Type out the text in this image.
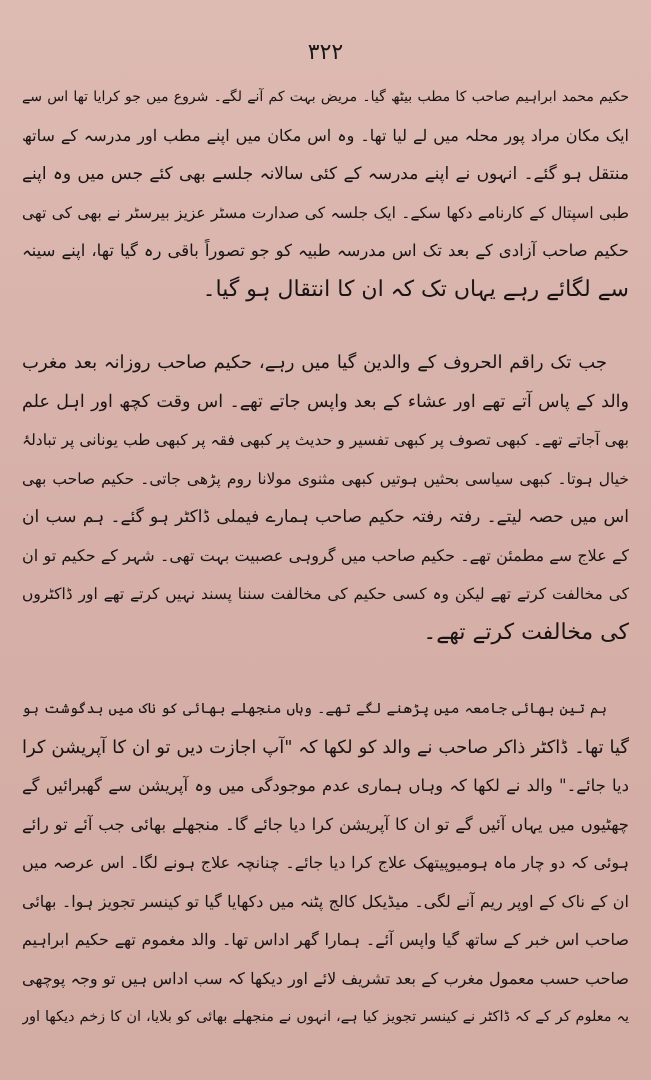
۳۲۲
حکیم محمد ابراہیم صاحب کا مطب بیٹھ گیا۔ مریض بہت کم آنے لگے۔ شروع میں جو کرایا تھا اس سے
ایک مکان مراد پور محلہ میں لے لیا تھا۔ وہ اس مکان میں اپنے مطب اور مدرسہ کے ساتھ
منتقل ہو گئے۔ انہوں نے اپنے مدرسہ کے کئی سالانہ جلسے بھی کئے جس میں وہ اپنے
طبی اسپتال کے کارنامے دکھا سکے۔ ایک جلسہ کی صدارت مسٹر عزیز بیرسٹر نے بھی کی تھی
حکیم صاحب آزادی کے بعد تک اس مدرسہ طبیہ کو جو تصوراً باقی رہ گیا تھا، اپنے سینہ
سے لگائے رہے یہاں تک کہ ان کا انتقال ہو گیا۔
جب تک راقم الحروف کے والدین گیا میں رہے، حکیم صاحب روزانہ بعد مغرب
والد کے پاس آتے تھے اور عشاء کے بعد واپس جاتے تھے۔ اس وقت کچھ اور اہل علم
بھی آجاتے تھے۔ کبھی تصوف پر کبھی تفسیر و حدیث پر کبھی فقہ پر کبھی طب یونانی پر تبادلۂ
خیال ہوتا۔ کبھی سیاسی بحثیں ہوتیں کبھی مثنوی مولانا روم پڑھی جاتی۔ حکیم صاحب بھی
اس میں حصہ لیتے۔ رفتہ رفتہ حکیم صاحب ہمارے فیملی ڈاکٹر ہو گئے۔ ہم سب ان
کے علاج سے مطمئن تھے۔ حکیم صاحب میں گروہی عصبیت بہت تھی۔ شہر کے حکیم تو ان
کی مخالفت کرتے تھے لیکن وہ کسی حکیم کی مخالفت سننا پسند نہیں کرتے تھے اور ڈاکٹروں
کی مخالفت کرتے تھے۔
ہم تین بھائی جامعہ میں پڑھنے لگے تھے۔ وہاں منجھلے بھائی کو ناک میں بدگوشت ہو
گیا تھا۔ ڈاکٹر ذاکر صاحب نے والد کو لکھا کہ "آپ اجازت دیں تو ان کا آپریشن کرا
دیا جائے۔" والد نے لکھا کہ وہاں ہماری عدم موجودگی میں وہ آپریشن سے گھبرائیں گے
چھٹیوں میں یہاں آئیں گے تو ان کا آپریشن کرا دیا جائے گا۔ منجھلے بھائی جب آئے تو رائے
ہوئی کہ دو چار ماہ ہومیوپیتھک علاج کرا دیا جائے۔ چنانچہ علاج ہونے لگا۔ اس عرصہ میں
ان کے ناک کے اوپر ریم آنے لگی۔ میڈیکل کالج پٹنہ میں دکھایا گیا تو کینسر تجویز ہوا۔ بھائی
صاحب اس خبر کے ساتھ گیا واپس آئے۔ ہمارا گھر اداس تھا۔ والد مغموم تھے حکیم ابراہیم
صاحب حسب معمول مغرب کے بعد تشریف لائے اور دیکھا کہ سب اداس ہیں تو وجہ پوچھی
یہ معلوم کر کے کہ ڈاکٹر نے کینسر تجویز کیا ہے، انہوں نے منجھلے بھائی کو بلایا، ان کا زخم دیکھا اور
